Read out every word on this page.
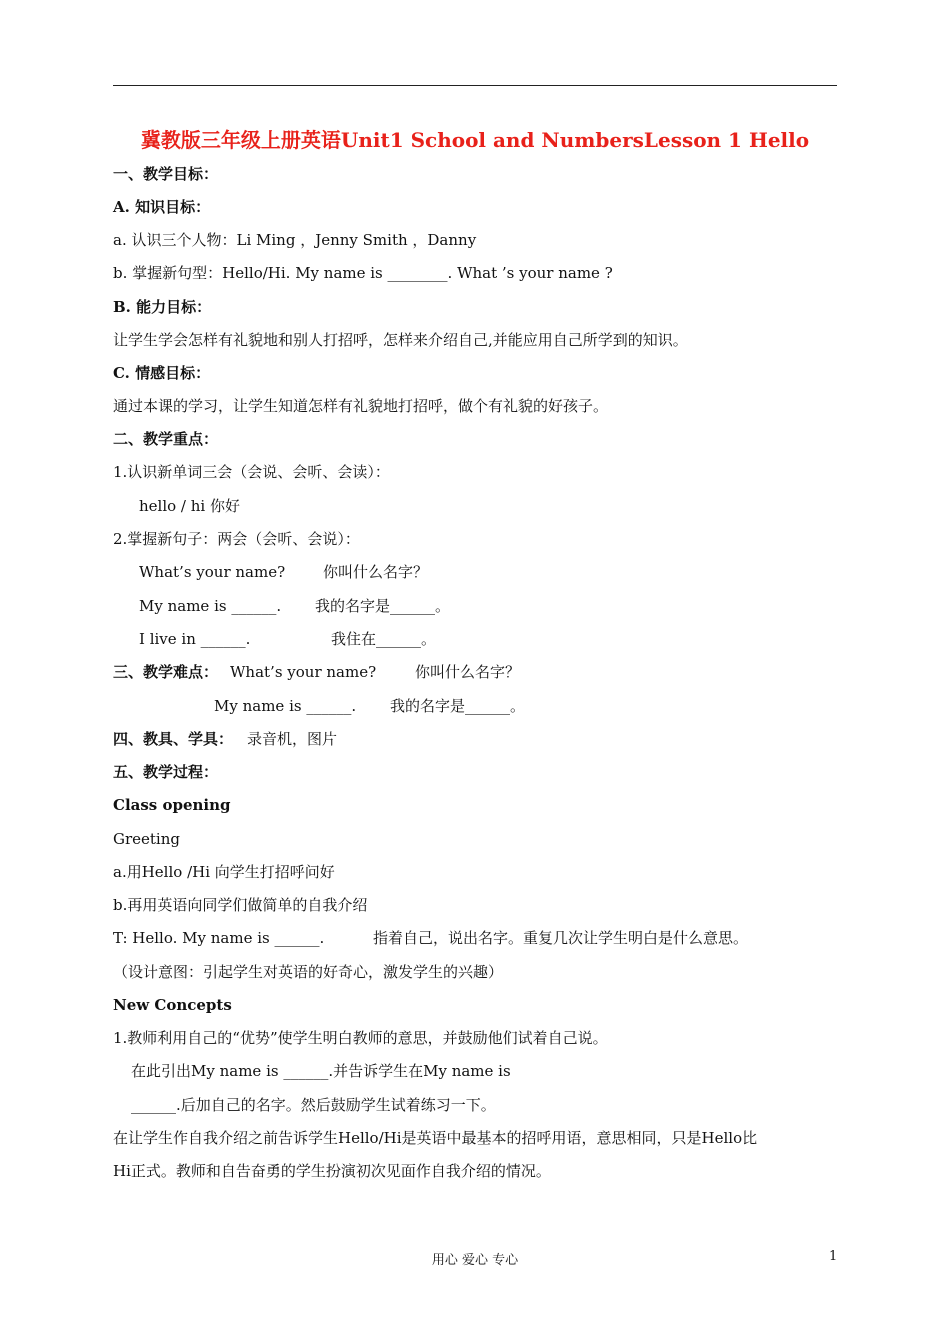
冀教版三年级上册英语Unit1 School and NumbersLesson 1 Hello
一、教学目标：
A. 知识目标：
a. 认识三个人物：Li Ming ，Jenny Smith ，Danny
b. 掌握新句型：Hello/Hi. My name is ________. What ’s your name ?
B. 能力目标：
让学生学会怎样有礼貌地和别人打招呼，怎样来介绍自己,并能应用自己所学到的知识。
C. 情感目标：
通过本课的学习，让学生知道怎样有礼貌地打招呼，做个有礼貌的好孩子。
二、教学重点：
1.认识新单词三会（会说、会听、会读）：
hello / hi 你好
2.掌握新句子：两会（会听、会说）：
What’s your name?	你叫什么名字？
My name is ______. 我的名字是______。
I live in ______.	我住在______。
三、教学难点： What’s your name?	你叫什么名字？
My name is ______. 我的名字是______。
四、教具、学具： 录音机，图片
五、教学过程：
Class opening
Greeting
a.用Hello /Hi 向学生打招呼问好
b.再用英语向同学们做简单的自我介绍
T: Hello. My name is ______.	指着自己，说出名字。重复几次让学生明白是什么意思。
（设计意图：引起学生对英语的好奇心，激发学生的兴趣）
New Concepts
1.教师利用自己的“优势”使学生明白教师的意思，并鼓励他们试着自己说。
在此引出My name is ______.并告诉学生在My name is
______.后加自己的名字。然后鼓励学生试着练习一下。
在让学生作自我介绍之前告诉学生Hello/Hi是英语中最基本的招呼用语，意思相同，只是Hello比
Hi正式。教师和自告奋勇的学生扮演初次见面作自我介绍的情况。
用心 爱心 专心	1
